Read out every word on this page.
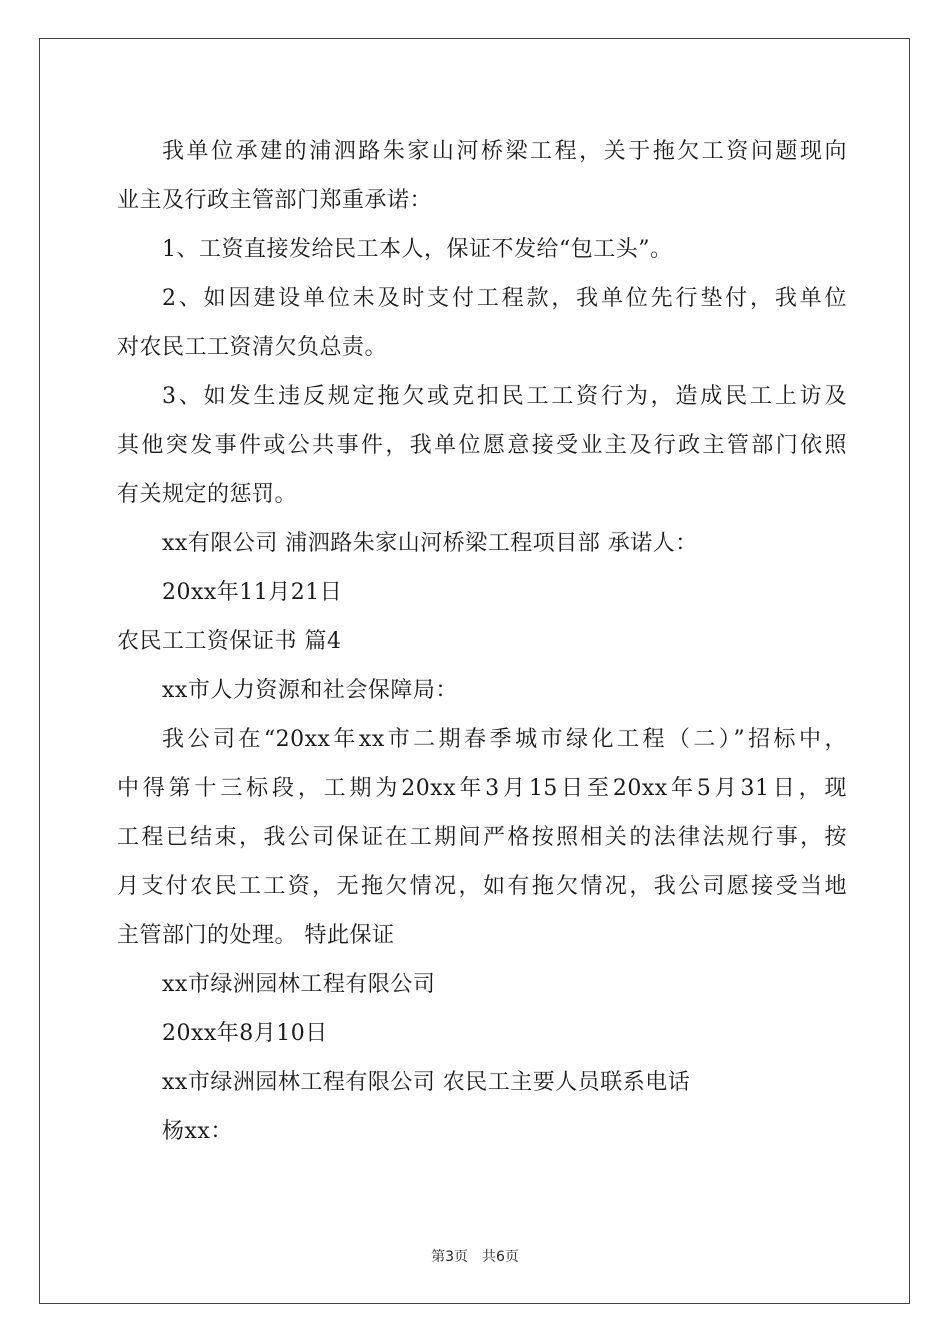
我单位承建的浦泗路朱家山河桥梁工程，关于拖欠工资问题现向
业主及行政主管部门郑重承诺：
1、工资直接发给民工本人，保证不发给“包工头”。
2、如因建设单位未及时支付工程款，我单位先行垫付，我单位
对农民工工资清欠负总责。
3、如发生违反规定拖欠或克扣民工工资行为，造成民工上访及
其他突发事件或公共事件，我单位愿意接受业主及行政主管部门依照
有关规定的惩罚。
xx有限公司 浦泗路朱家山河桥梁工程项目部 承诺人：
20xx年11月21日
农民工工资保证书 篇4
xx市人力资源和社会保障局：
我公司在“20xx年xx市二期春季城市绿化工程（二）”招标中，
中得第十三标段，工期为20xx年3月15日至20xx年5月31日，现
工程已结束，我公司保证在工期间严格按照相关的法律法规行事，按
月支付农民工工资，无拖欠情况，如有拖欠情况，我公司愿接受当地
主管部门的处理。 特此保证
xx市绿洲园林工程有限公司
20xx年8月10日
xx市绿洲园林工程有限公司 农民工主要人员联系电话
杨xx：
第3页 共6页
